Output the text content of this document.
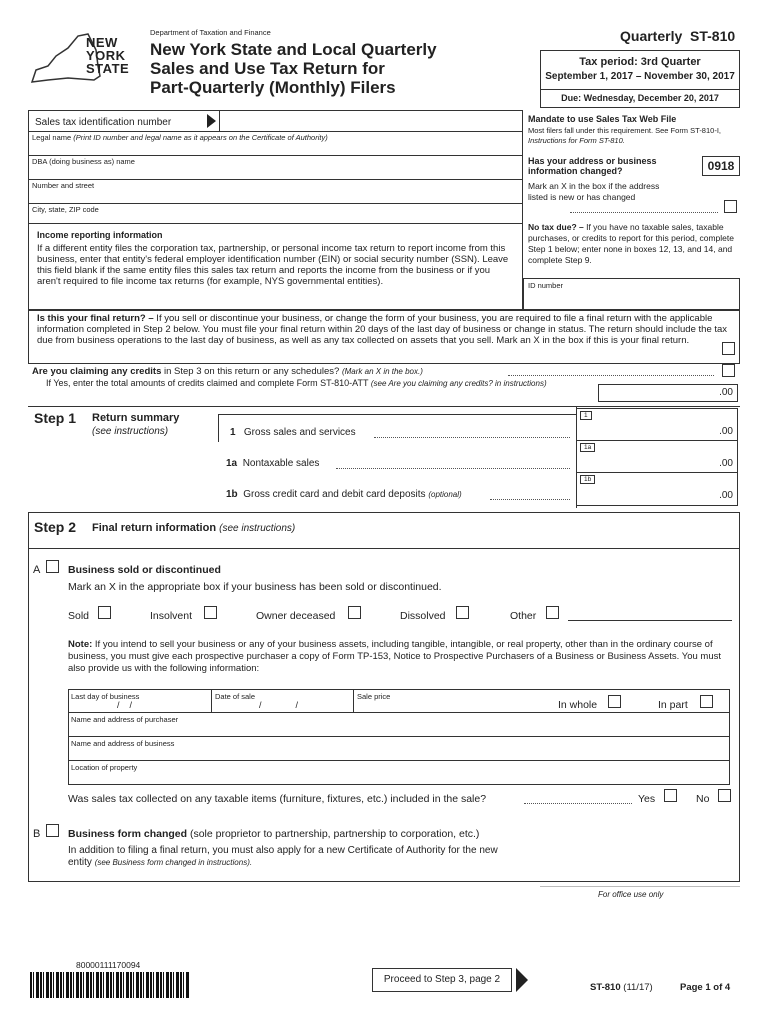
NEW
YORK
STATE
Department of Taxation and Finance
New York State and Local Quarterly
Sales and Use Tax Return for
Part-Quarterly (Monthly) Filers
Quarterly ST-810
Tax period: 3rd Quarter
September 1, 2017 – November 30, 2017
Due: Wednesday, December 20, 2017
Sales tax identification number
Legal name (Print ID number and legal name as it appears on the Certificate of Authority)
DBA (doing business as) name
Number and street
City, state, ZIP code
Income reporting information
If a different entity files the corporation tax, partnership, or personal income tax return to report income from this business, enter that entity's federal employer identification number (EIN) or social security number (SSN). Leave this field blank if the same entity files this sales tax return and reports the income from the business or if you aren't required to file income tax returns (for example, NYS governmental entities).
Mandate to use Sales Tax Web File
Most filers fall under this requirement. See Form ST-810-I, Instructions for Form ST-810.
Has your address or business information changed?	0918
Mark an X in the box if the address listed is new or has changed
No tax due? – If you have no taxable sales, taxable purchases, or credits to report for this period, complete Step 1 below; enter none in boxes 12, 13, and 14, and complete Step 9.
ID number
Is this your final return? – If you sell or discontinue your business, or change the form of your business, you are required to file a final return with the applicable information completed in Step 2 below. You must file your final return within 20 days of the last day of business or change in status. The return should include the tax due from business operations to the last day of business, as well as any tax collected on assets that you sell. Mark an X in the box if this is your final return.
Are you claiming any credits in Step 3 on this return or any schedules? (Mark an X in the box.)
If Yes, enter the total amounts of credits claimed and complete Form ST-810-ATT (see Are you claiming any credits? in instructions)
.00
Step 1 Return summary
(see instructions)	1 Gross sales and services
1
.00
1a Nontaxable sales
1a
.00
1b Gross credit card and debit card deposits (optional)
1b
.00
Step 2 Final return information (see instructions)
A	Business sold or discontinued
Mark an X in the appropriate box if your business has been sold or discontinued.
Sold	Insolvent	Owner deceased	Dissolved	Other
Note: If you intend to sell your business or any of your business assets, including tangible, intangible, or real property, other than in the ordinary course of business, you must give each prospective purchaser a copy of Form TP-153, Notice to Prospective Purchasers of a Business or Business Assets. You must also provide us with the following information:
Last day of business
//
Date of sale
//
Sale price
Name and address of purchaser
Name and address of business
Location of property
In whole	In part
Was sales tax collected on any taxable items (furniture, fixtures, etc.) included in the sale?	Yes	No
B	Business form changed (sole proprietor to partnership, partnership to corporation, etc.)
In addition to filing a final return, you must also apply for a new Certificate of Authority for the new entity (see Business form changed in instructions).
For office use only
80000111170094
Proceed to Step 3, page 2
ST-810 (11/17)	Page 1 of 4
